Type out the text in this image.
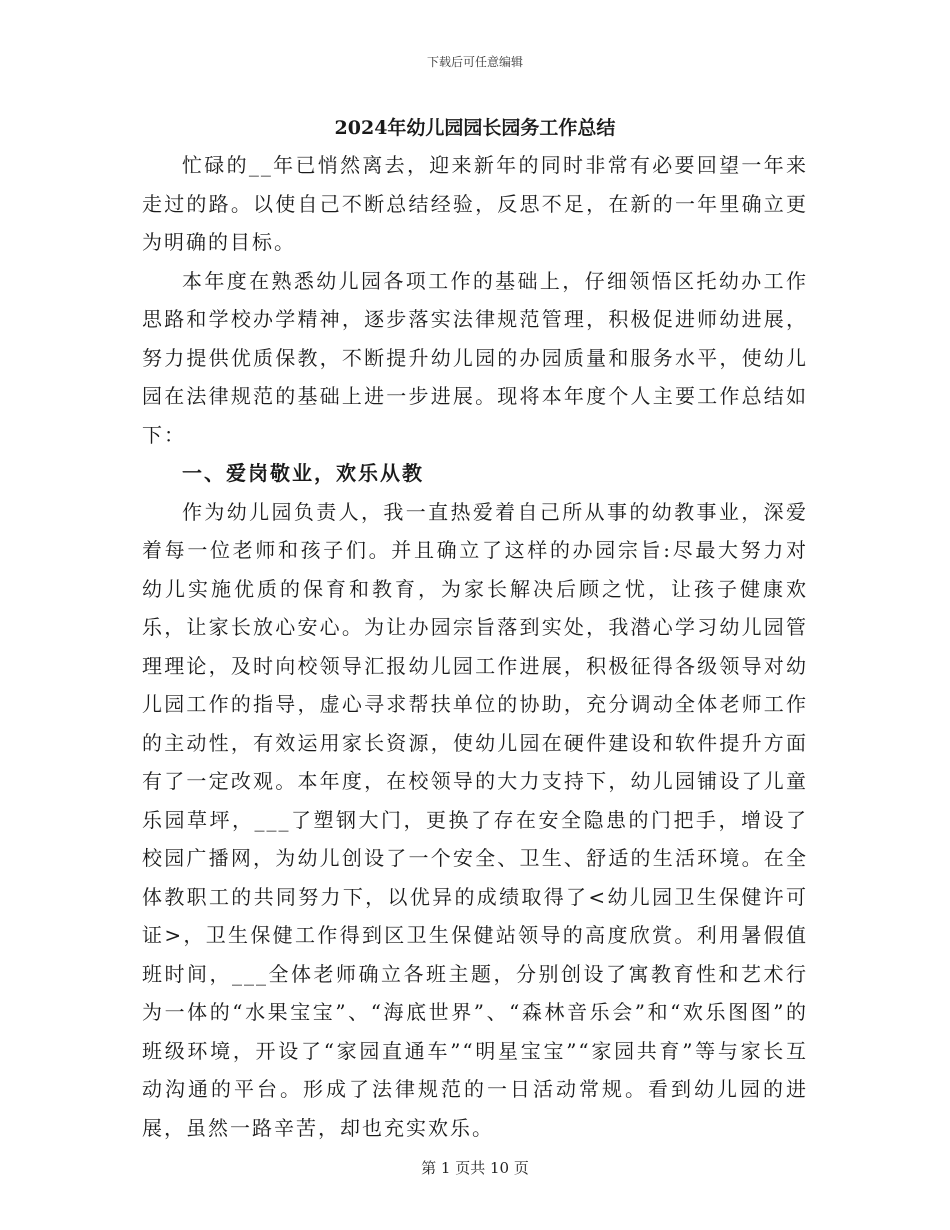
下载后可任意编辑
2024年幼儿园园长园务工作总结

忙碌的__年已悄然离去，迎来新年的同时非常有必要回望一年来走过的路。以使自己不断总结经验，反思不足，在新的一年里确立更为明确的目标。

本年度在熟悉幼儿园各项工作的基础上，仔细领悟区托幼办工作思路和学校办学精神，逐步落实法律规范管理，积极促进师幼进展，努力提供优质保教，不断提升幼儿园的办园质量和服务水平，使幼儿园在法律规范的基础上进一步进展。现将本年度个人主要工作总结如下：

一、爱岗敬业，欢乐从教

作为幼儿园负责人，我一直热爱着自己所从事的幼教事业，深爱着每一位老师和孩子们。并且确立了这样的办园宗旨:尽最大努力对幼儿实施优质的保育和教育，为家长解决后顾之忧，让孩子健康欢乐，让家长放心安心。为让办园宗旨落到实处，我潜心学习幼儿园管理理论，及时向校领导汇报幼儿园工作进展，积极征得各级领导对幼儿园工作的指导，虚心寻求帮扶单位的协助，充分调动全体老师工作的主动性，有效运用家长资源，使幼儿园在硬件建设和软件提升方面有了一定改观。本年度，在校领导的大力支持下，幼儿园铺设了儿童乐园草坪，___了塑钢大门，更换了存在安全隐患的门把手，增设了校园广播网，为幼儿创设了一个安全、卫生、舒适的生活环境。在全体教职工的共同努力下，以优异的成绩取得了<幼儿园卫生保健许可证>，卫生保健工作得到区卫生保健站领导的高度欣赏。利用暑假值班时间，___全体老师确立各班主题，分别创设了寓教育性和艺术行为一体的“水果宝宝”、“海底世界”、“森林音乐会”和“欢乐图图”的班级环境，开设了“家园直通车”“明星宝宝”“家园共育”等与家长互动沟通的平台。形成了法律规范的一日活动常规。看到幼儿园的进展，虽然一路辛苦，却也充实欢乐。

第 1 页共 10 页
